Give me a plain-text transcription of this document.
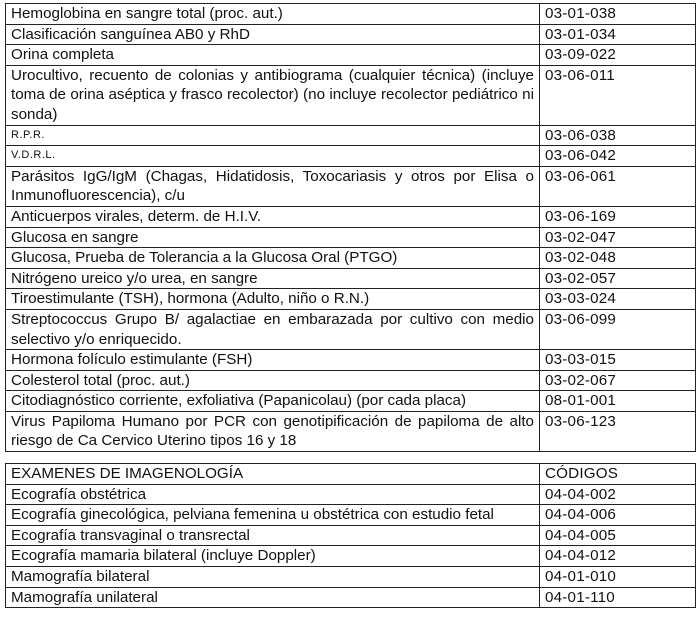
Hemoglobina en sangre total (proc. aut.)	03-01-038
Clasificación sanguínea AB0 y RhD	03-01-034
Orina completa	03-09-022
Urocultivo, recuento de colonias y antibiograma (cualquier técnica) (incluye toma de orina aséptica y frasco recolector) (no incluye recolector pediátrico ni sonda)	03-06-011
R.P.R.	03-06-038
V.D.R.L.	03-06-042
Parásitos IgG/IgM (Chagas, Hidatidosis, Toxocariasis y otros por Elisa o Inmunofluorescencia), c/u	03-06-061
Anticuerpos virales, determ. de H.I.V.	03-06-169
Glucosa en sangre	03-02-047
Glucosa, Prueba de Tolerancia a la Glucosa Oral (PTGO)	03-02-048
Nitrógeno ureico y/o urea, en sangre	03-02-057
Tiroestimulante (TSH), hormona (Adulto, niño o R.N.)	03-03-024
Streptococcus Grupo B/ agalactiae en embarazada por cultivo con medio selectivo y/o enriquecido.	03-06-099
Hormona folículo estimulante (FSH)	03-03-015
Colesterol total (proc. aut.)	03-02-067
Citodiagnóstico corriente, exfoliativa (Papanicolau) (por cada placa)	08-01-001
Virus Papiloma Humano por PCR con genotipificación de papiloma de alto riesgo de Ca Cervico Uterino tipos 16 y 18	03-06-123
EXAMENES DE IMAGENOLOGÍA	CÓDIGOS
Ecografía obstétrica	04-04-002
Ecografía ginecológica, pelviana femenina u obstétrica con estudio fetal	04-04-006
Ecografía transvaginal o transrectal	04-04-005
Ecografía mamaria bilateral (incluye Doppler)	04-04-012
Mamografía bilateral	04-01-010
Mamografía unilateral	04-01-110
